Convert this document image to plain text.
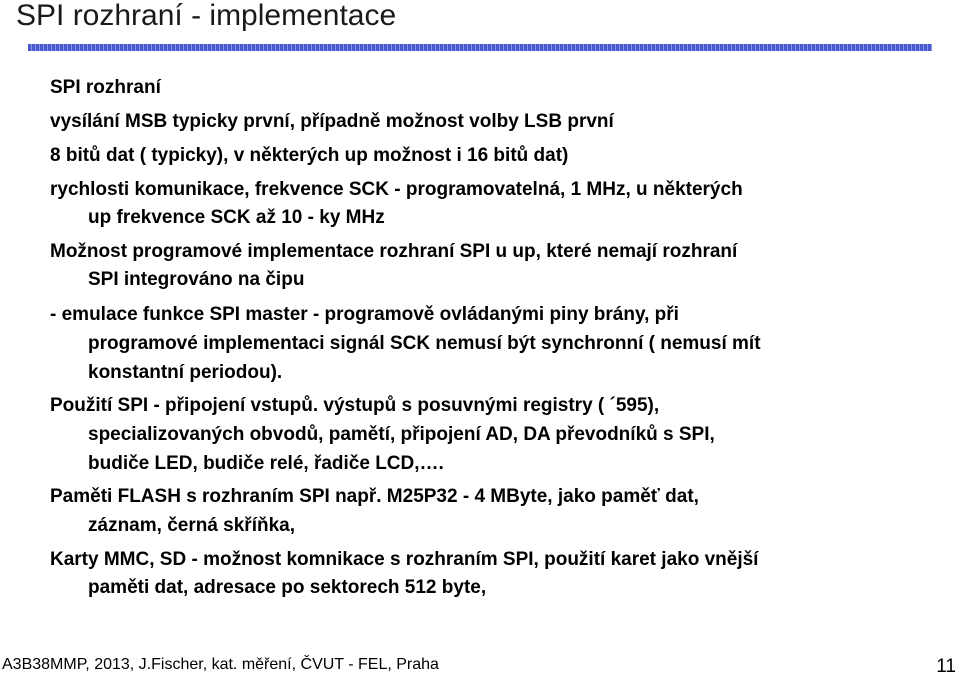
SPI rozhraní - implementace
SPI rozhraní
vysílání MSB typicky první, případně možnost volby LSB první
8 bitů dat ( typicky), v některých up možnost i 16 bitů dat)
rychlosti komunikace, frekvence SCK - programovatelná, 1 MHz, u některých
up frekvence SCK až 10 - ky MHz
Možnost programové implementace rozhraní SPI u up, které nemají rozhraní
SPI integrováno na čipu
- emulace funkce SPI master - programově ovládanými piny brány, při
programové implementaci signál SCK nemusí být synchronní ( nemusí mít
konstantní periodou).
Použití SPI - připojení vstupů. výstupů s posuvnými registry ( ´595),
specializovaných obvodů, pamětí, připojení AD, DA převodníků s SPI,
budiče LED, budiče relé, řadiče LCD,….
Paměti FLASH s rozhraním SPI např. M25P32 - 4 MByte, jako paměť dat,
záznam, černá skříňka,
Karty MMC, SD - možnost komnikace s rozhraním SPI, použití karet jako vnější
paměti dat, adresace po sektorech 512 byte,
A3B38MMP, 2013, J.Fischer, kat. měření, ČVUT - FEL, Praha	11
